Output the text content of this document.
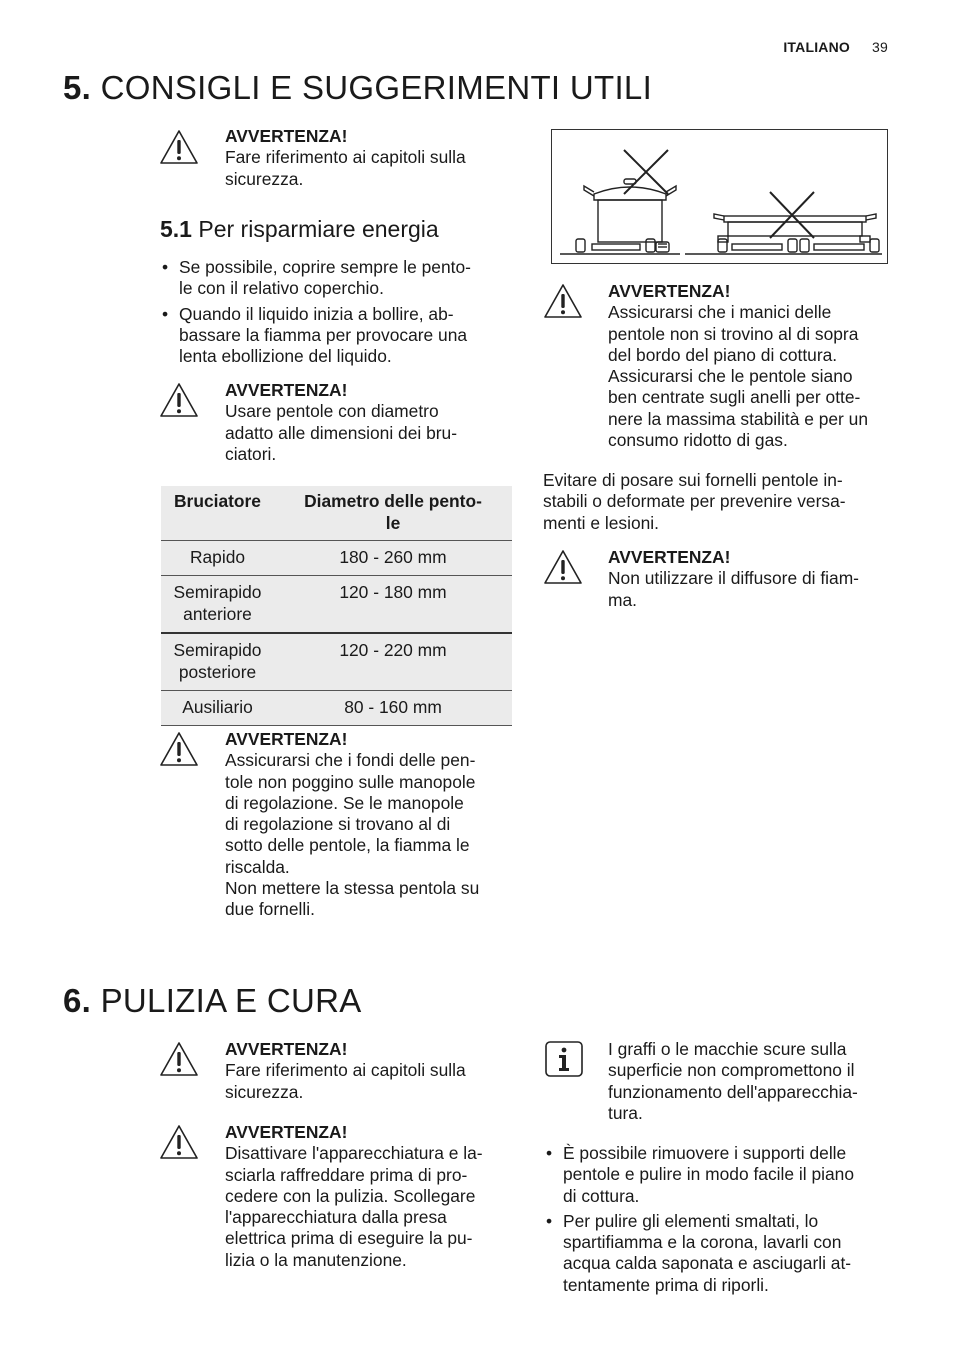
ITALIANO 39
5. CONSIGLI E SUGGERIMENTI UTILI
AVVERTENZA!
Fare riferimento ai capitoli sulla
sicurezza.
5.1 Per risparmiare energia
• Se possibile, coprire sempre le pento-
le con il relativo coperchio.
• Quando il liquido inizia a bollire, ab-
bassare la fiamma per provocare una
lenta ebollizione del liquido.
AVVERTENZA!
Usare pentole con diametro
adatto alle dimensioni dei bru-
ciatori.
Bruciatore	Diametro delle pento-
le

Rapido	180 - 260 mm

Semirapido
anteriore	120 - 180 mm

Semirapido
posteriore	120 - 220 mm

Ausiliario	80 - 160 mm
AVVERTENZA!
Assicurarsi che i fondi delle pen-
tole non poggino sulle manopole
di regolazione. Se le manopole
di regolazione si trovano al di
sotto delle pentole, la fiamma le
riscalda.
Non mettere la stessa pentola su
due fornelli.
AVVERTENZA!
Assicurarsi che i manici delle
pentole non si trovino al di sopra
del bordo del piano di cottura.
Assicurarsi che le pentole siano
ben centrate sugli anelli per otte-
nere la massima stabilità e per un
consumo ridotto di gas.
Evitare di posare sui fornelli pentole in-
stabili o deformate per prevenire versa-
menti e lesioni.
AVVERTENZA!
Non utilizzare il diffusore di fiam-
ma.
6. PULIZIA E CURA
AVVERTENZA!
Fare riferimento ai capitoli sulla
sicurezza.
AVVERTENZA!
Disattivare l'apparecchiatura e la-
sciarla raffreddare prima di pro-
cedere con la pulizia. Scollegare
l'apparecchiatura dalla presa
elettrica prima di eseguire la pu-
lizia o la manutenzione.
I graffi o le macchie scure sulla
superficie non compromettono il
funzionamento dell'apparecchia-
tura.
• È possibile rimuovere i supporti delle
pentole e pulire in modo facile il piano
di cottura.
• Per pulire gli elementi smaltati, lo
spartifiamma e la corona, lavarli con
acqua calda saponata e asciugarli at-
tentamente prima di riporli.
